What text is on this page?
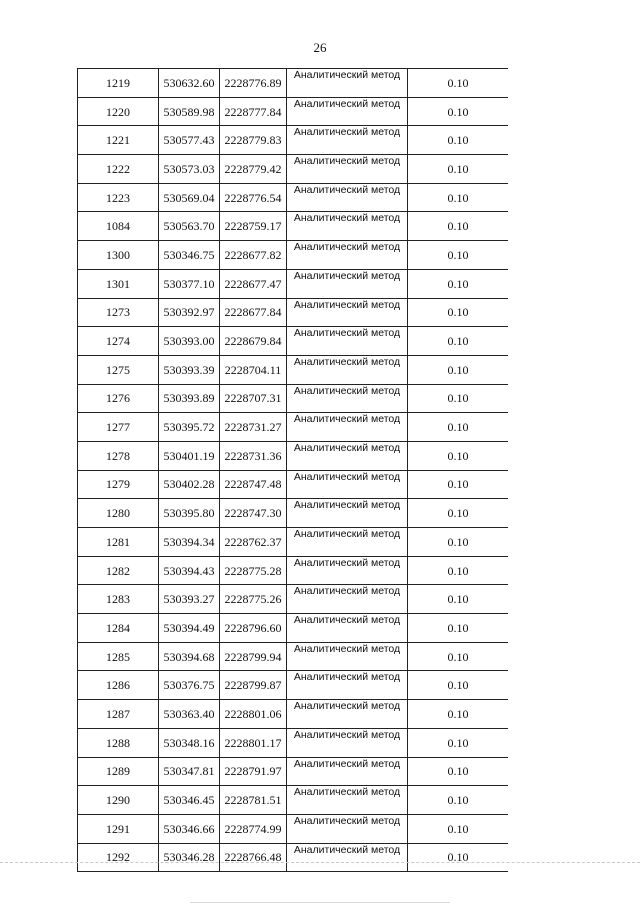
26
1219	530632.60	2228776.89	Аналитический метод	0.10
1220	530589.98	2228777.84	Аналитический метод	0.10
1221	530577.43	2228779.83	Аналитический метод	0.10
1222	530573.03	2228779.42	Аналитический метод	0.10
1223	530569.04	2228776.54	Аналитический метод	0.10
1084	530563.70	2228759.17	Аналитический метод	0.10
1300	530346.75	2228677.82	Аналитический метод	0.10
1301	530377.10	2228677.47	Аналитический метод	0.10
1273	530392.97	2228677.84	Аналитический метод	0.10
1274	530393.00	2228679.84	Аналитический метод	0.10
1275	530393.39	2228704.11	Аналитический метод	0.10
1276	530393.89	2228707.31	Аналитический метод	0.10
1277	530395.72	2228731.27	Аналитический метод	0.10
1278	530401.19	2228731.36	Аналитический метод	0.10
1279	530402.28	2228747.48	Аналитический метод	0.10
1280	530395.80	2228747.30	Аналитический метод	0.10
1281	530394.34	2228762.37	Аналитический метод	0.10
1282	530394.43	2228775.28	Аналитический метод	0.10
1283	530393.27	2228775.26	Аналитический метод	0.10
1284	530394.49	2228796.60	Аналитический метод	0.10
1285	530394.68	2228799.94	Аналитический метод	0.10
1286	530376.75	2228799.87	Аналитический метод	0.10
1287	530363.40	2228801.06	Аналитический метод	0.10
1288	530348.16	2228801.17	Аналитический метод	0.10
1289	530347.81	2228791.97	Аналитический метод	0.10
1290	530346.45	2228781.51	Аналитический метод	0.10
1291	530346.66	2228774.99	Аналитический метод	0.10
1292	530346.28	2228766.48	Аналитический метод	0.10
